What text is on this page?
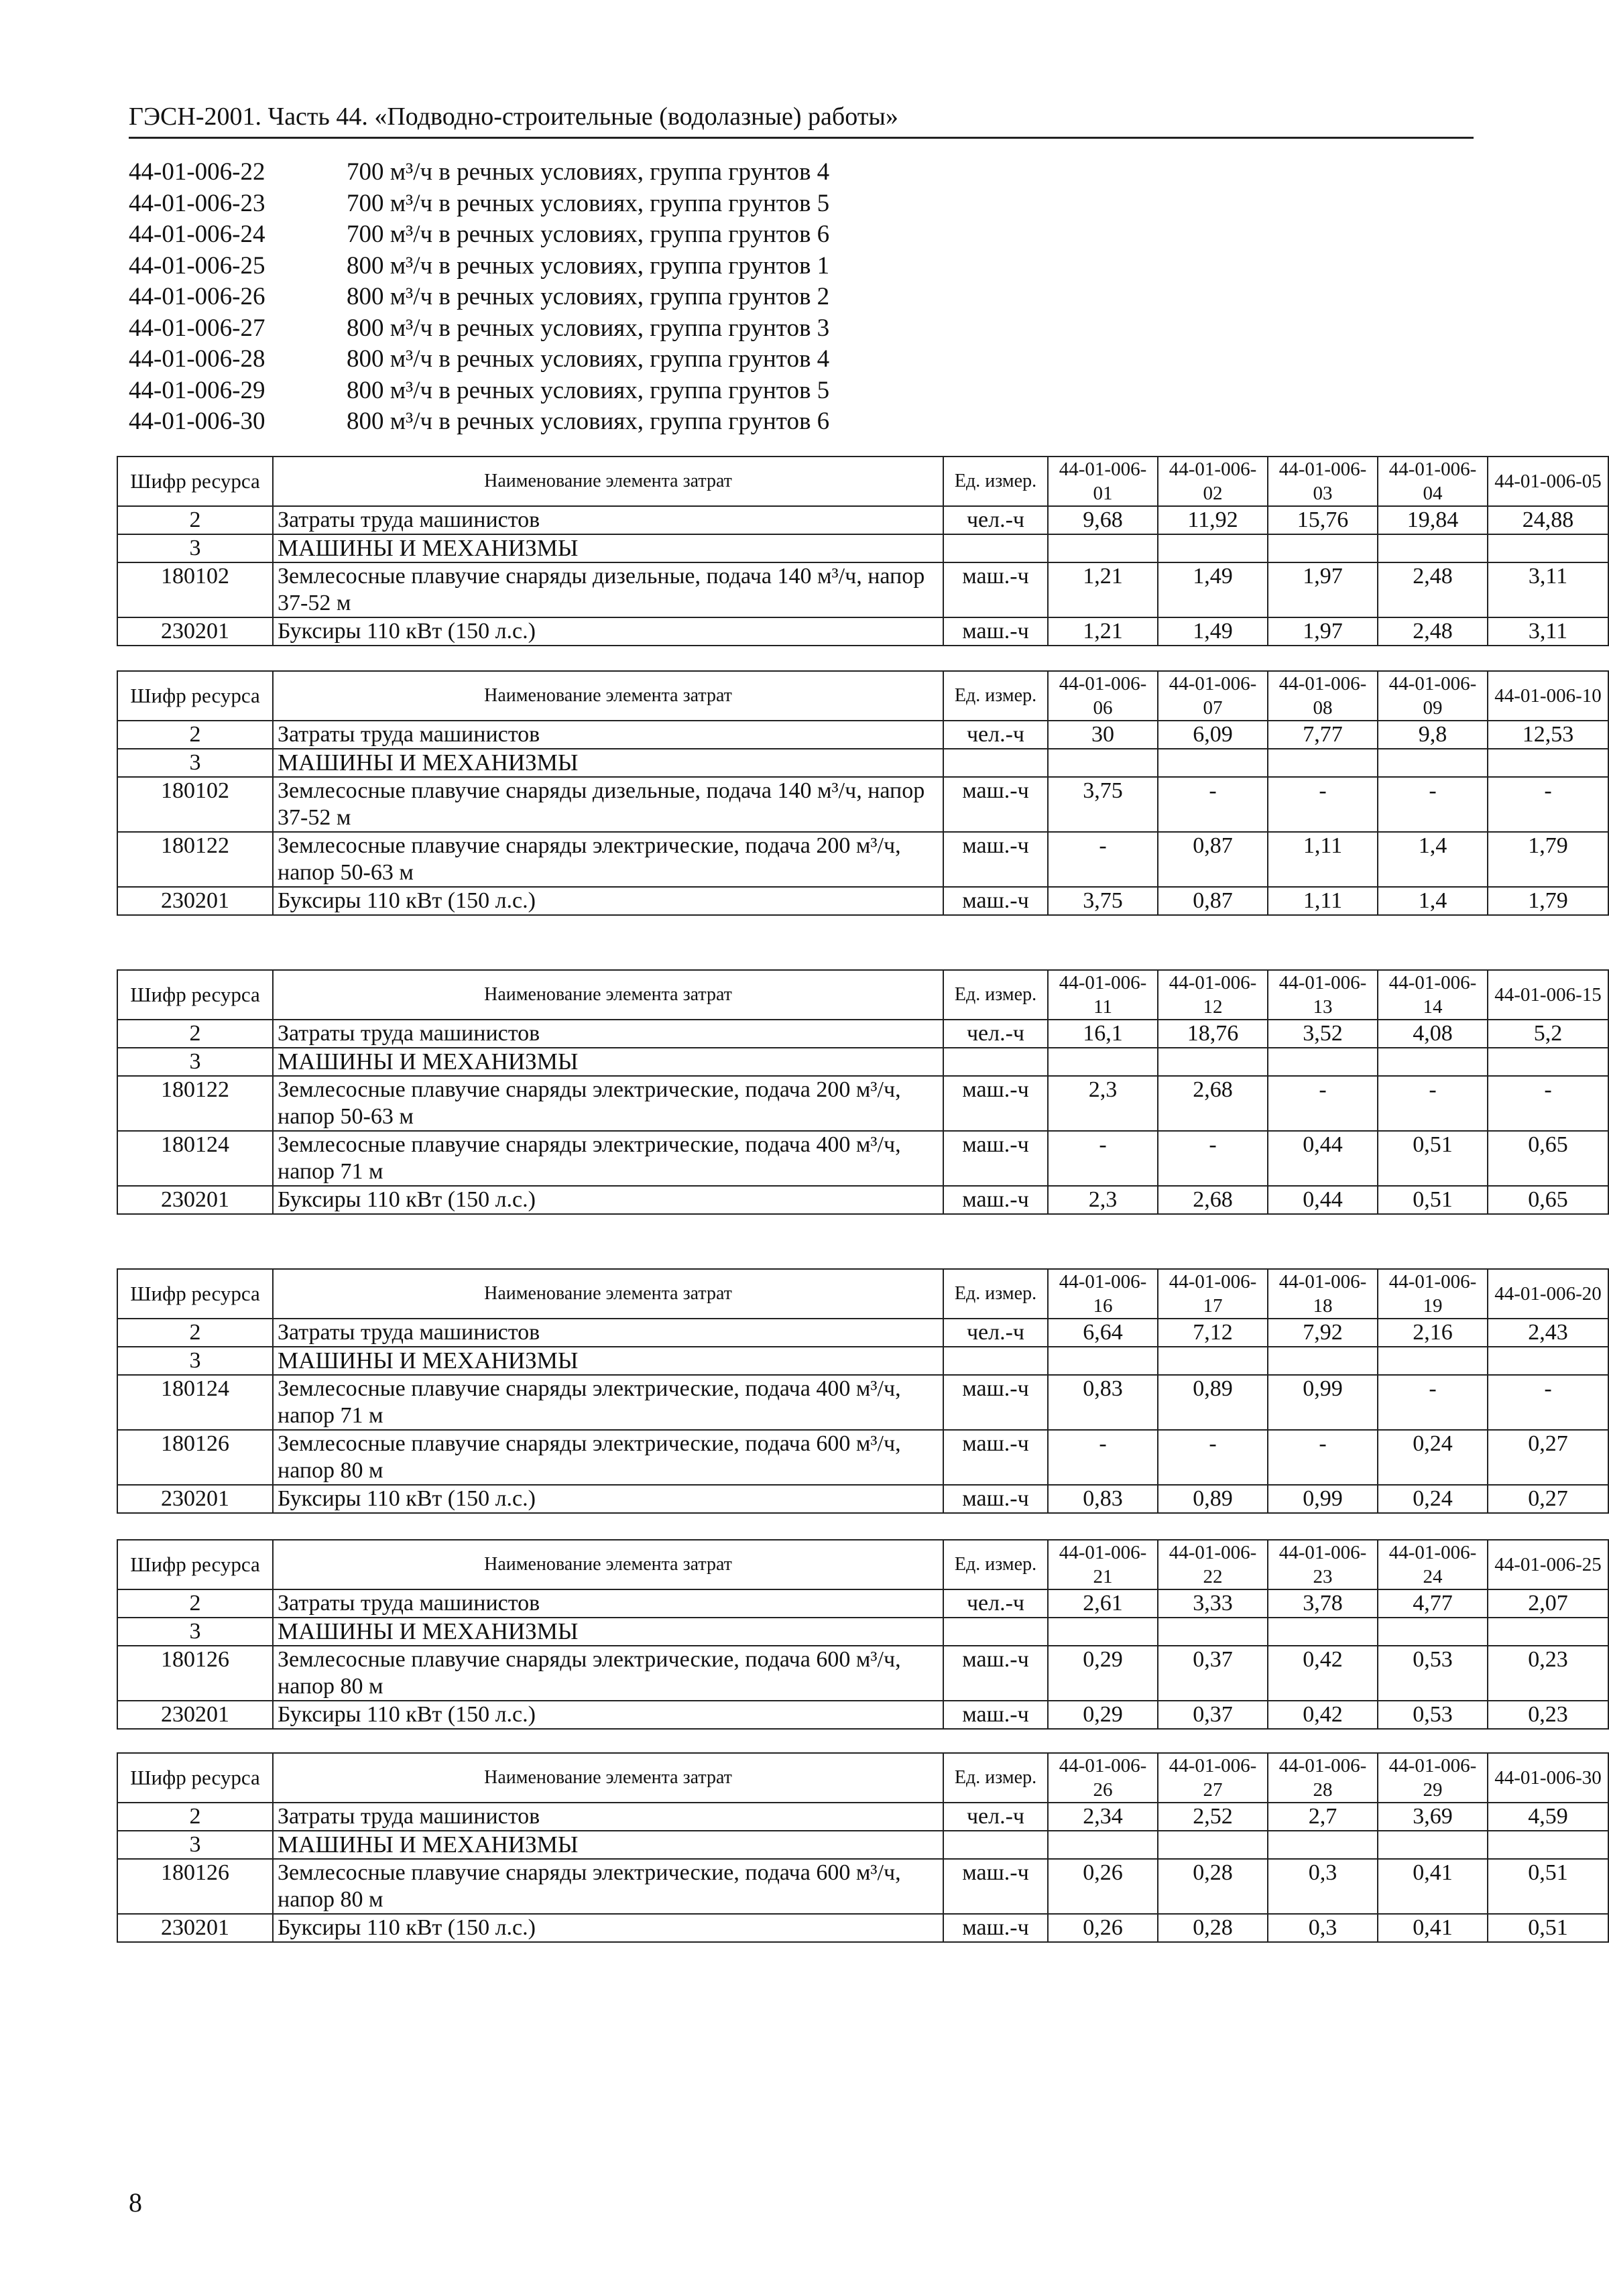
ГЭСН-2001. Часть 44. «Подводно-строительные (водолазные) работы»
44-01-006-22	700 м³/ч в речных условиях, группа грунтов 4
44-01-006-23	700 м³/ч в речных условиях, группа грунтов 5
44-01-006-24	700 м³/ч в речных условиях, группа грунтов 6
44-01-006-25	800 м³/ч в речных условиях, группа грунтов 1
44-01-006-26	800 м³/ч в речных условиях, группа грунтов 2
44-01-006-27	800 м³/ч в речных условиях, группа грунтов 3
44-01-006-28	800 м³/ч в речных условиях, группа грунтов 4
44-01-006-29	800 м³/ч в речных условиях, группа грунтов 5
44-01-006-30	800 м³/ч в речных условиях, группа грунтов 6
Шифр ресурса	Наименование элемента затрат	Ед. измер.	44-01-006-01	44-01-006-02	44-01-006-03	44-01-006-04	44-01-006-05
2	Затраты труда машинистов	чел.-ч	9,68	11,92	15,76	19,84	24,88
3	МАШИНЫ И МЕХАНИЗМЫ						
180102	Землесосные плавучие снаряды дизельные, подача 140 м³/ч, напор 37-52 м	маш.-ч	1,21	1,49	1,97	2,48	3,11
230201	Буксиры 110 кВт (150 л.с.)	маш.-ч	1,21	1,49	1,97	2,48	3,11
Шифр ресурса	Наименование элемента затрат	Ед. измер.	44-01-006-06	44-01-006-07	44-01-006-08	44-01-006-09	44-01-006-10
2	Затраты труда машинистов	чел.-ч	30	6,09	7,77	9,8	12,53
3	МАШИНЫ И МЕХАНИЗМЫ						
180102	Землесосные плавучие снаряды дизельные, подача 140 м³/ч, напор 37-52 м	маш.-ч	3,75	-	-	-	-
180122	Землесосные плавучие снаряды электрические, подача 200 м³/ч, напор 50-63 м	маш.-ч	-	0,87	1,11	1,4	1,79
230201	Буксиры 110 кВт (150 л.с.)	маш.-ч	3,75	0,87	1,11	1,4	1,79
Шифр ресурса	Наименование элемента затрат	Ед. измер.	44-01-006-11	44-01-006-12	44-01-006-13	44-01-006-14	44-01-006-15
2	Затраты труда машинистов	чел.-ч	16,1	18,76	3,52	4,08	5,2
3	МАШИНЫ И МЕХАНИЗМЫ						
180122	Землесосные плавучие снаряды электрические, подача 200 м³/ч, напор 50-63 м	маш.-ч	2,3	2,68	-	-	-
180124	Землесосные плавучие снаряды электрические, подача 400 м³/ч, напор 71 м	маш.-ч	-	-	0,44	0,51	0,65
230201	Буксиры 110 кВт (150 л.с.)	маш.-ч	2,3	2,68	0,44	0,51	0,65
Шифр ресурса	Наименование элемента затрат	Ед. измер.	44-01-006-16	44-01-006-17	44-01-006-18	44-01-006-19	44-01-006-20
2	Затраты труда машинистов	чел.-ч	6,64	7,12	7,92	2,16	2,43
3	МАШИНЫ И МЕХАНИЗМЫ						
180124	Землесосные плавучие снаряды электрические, подача 400 м³/ч, напор 71 м	маш.-ч	0,83	0,89	0,99	-	-
180126	Землесосные плавучие снаряды электрические, подача 600 м³/ч, напор 80 м	маш.-ч	-	-	-	0,24	0,27
230201	Буксиры 110 кВт (150 л.с.)	маш.-ч	0,83	0,89	0,99	0,24	0,27
Шифр ресурса	Наименование элемента затрат	Ед. измер.	44-01-006-21	44-01-006-22	44-01-006-23	44-01-006-24	44-01-006-25
2	Затраты труда машинистов	чел.-ч	2,61	3,33	3,78	4,77	2,07
3	МАШИНЫ И МЕХАНИЗМЫ						
180126	Землесосные плавучие снаряды электрические, подача 600 м³/ч, напор 80 м	маш.-ч	0,29	0,37	0,42	0,53	0,23
230201	Буксиры 110 кВт (150 л.с.)	маш.-ч	0,29	0,37	0,42	0,53	0,23
Шифр ресурса	Наименование элемента затрат	Ед. измер.	44-01-006-26	44-01-006-27	44-01-006-28	44-01-006-29	44-01-006-30
2	Затраты труда машинистов	чел.-ч	2,34	2,52	2,7	3,69	4,59
3	МАШИНЫ И МЕХАНИЗМЫ						
180126	Землесосные плавучие снаряды электрические, подача 600 м³/ч, напор 80 м	маш.-ч	0,26	0,28	0,3	0,41	0,51
230201	Буксиры 110 кВт (150 л.с.)	маш.-ч	0,26	0,28	0,3	0,41	0,51
8
